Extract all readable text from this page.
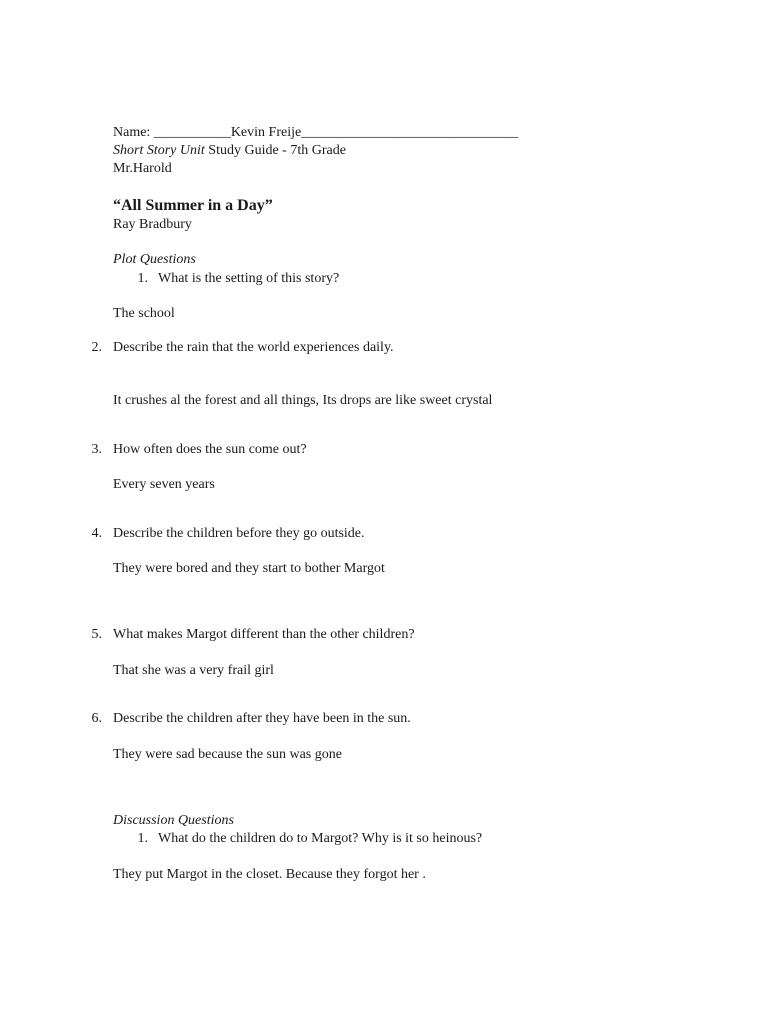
Name: ___________Kevin Freije_______________________________
Short Story Unit Study Guide - 7th Grade
Mr.Harold
“All Summer in a Day”
Ray Bradbury
Plot Questions
1. What is the setting of this story?
The school
2. Describe the rain that the world experiences daily.
It crushes al the forest and all things, Its drops are like sweet crystal
3. How often does the sun come out?
Every seven years
4. Describe the children before they go outside.
They were bored and they start to bother Margot
5. What makes Margot different than the other children?
That she was a very frail girl
6. Describe the children after they have been in the sun.
They were sad because the sun was gone
Discussion Questions
1. What do the children do to Margot? Why is it so heinous?
They put Margot in the closet. Because they forgot her .
